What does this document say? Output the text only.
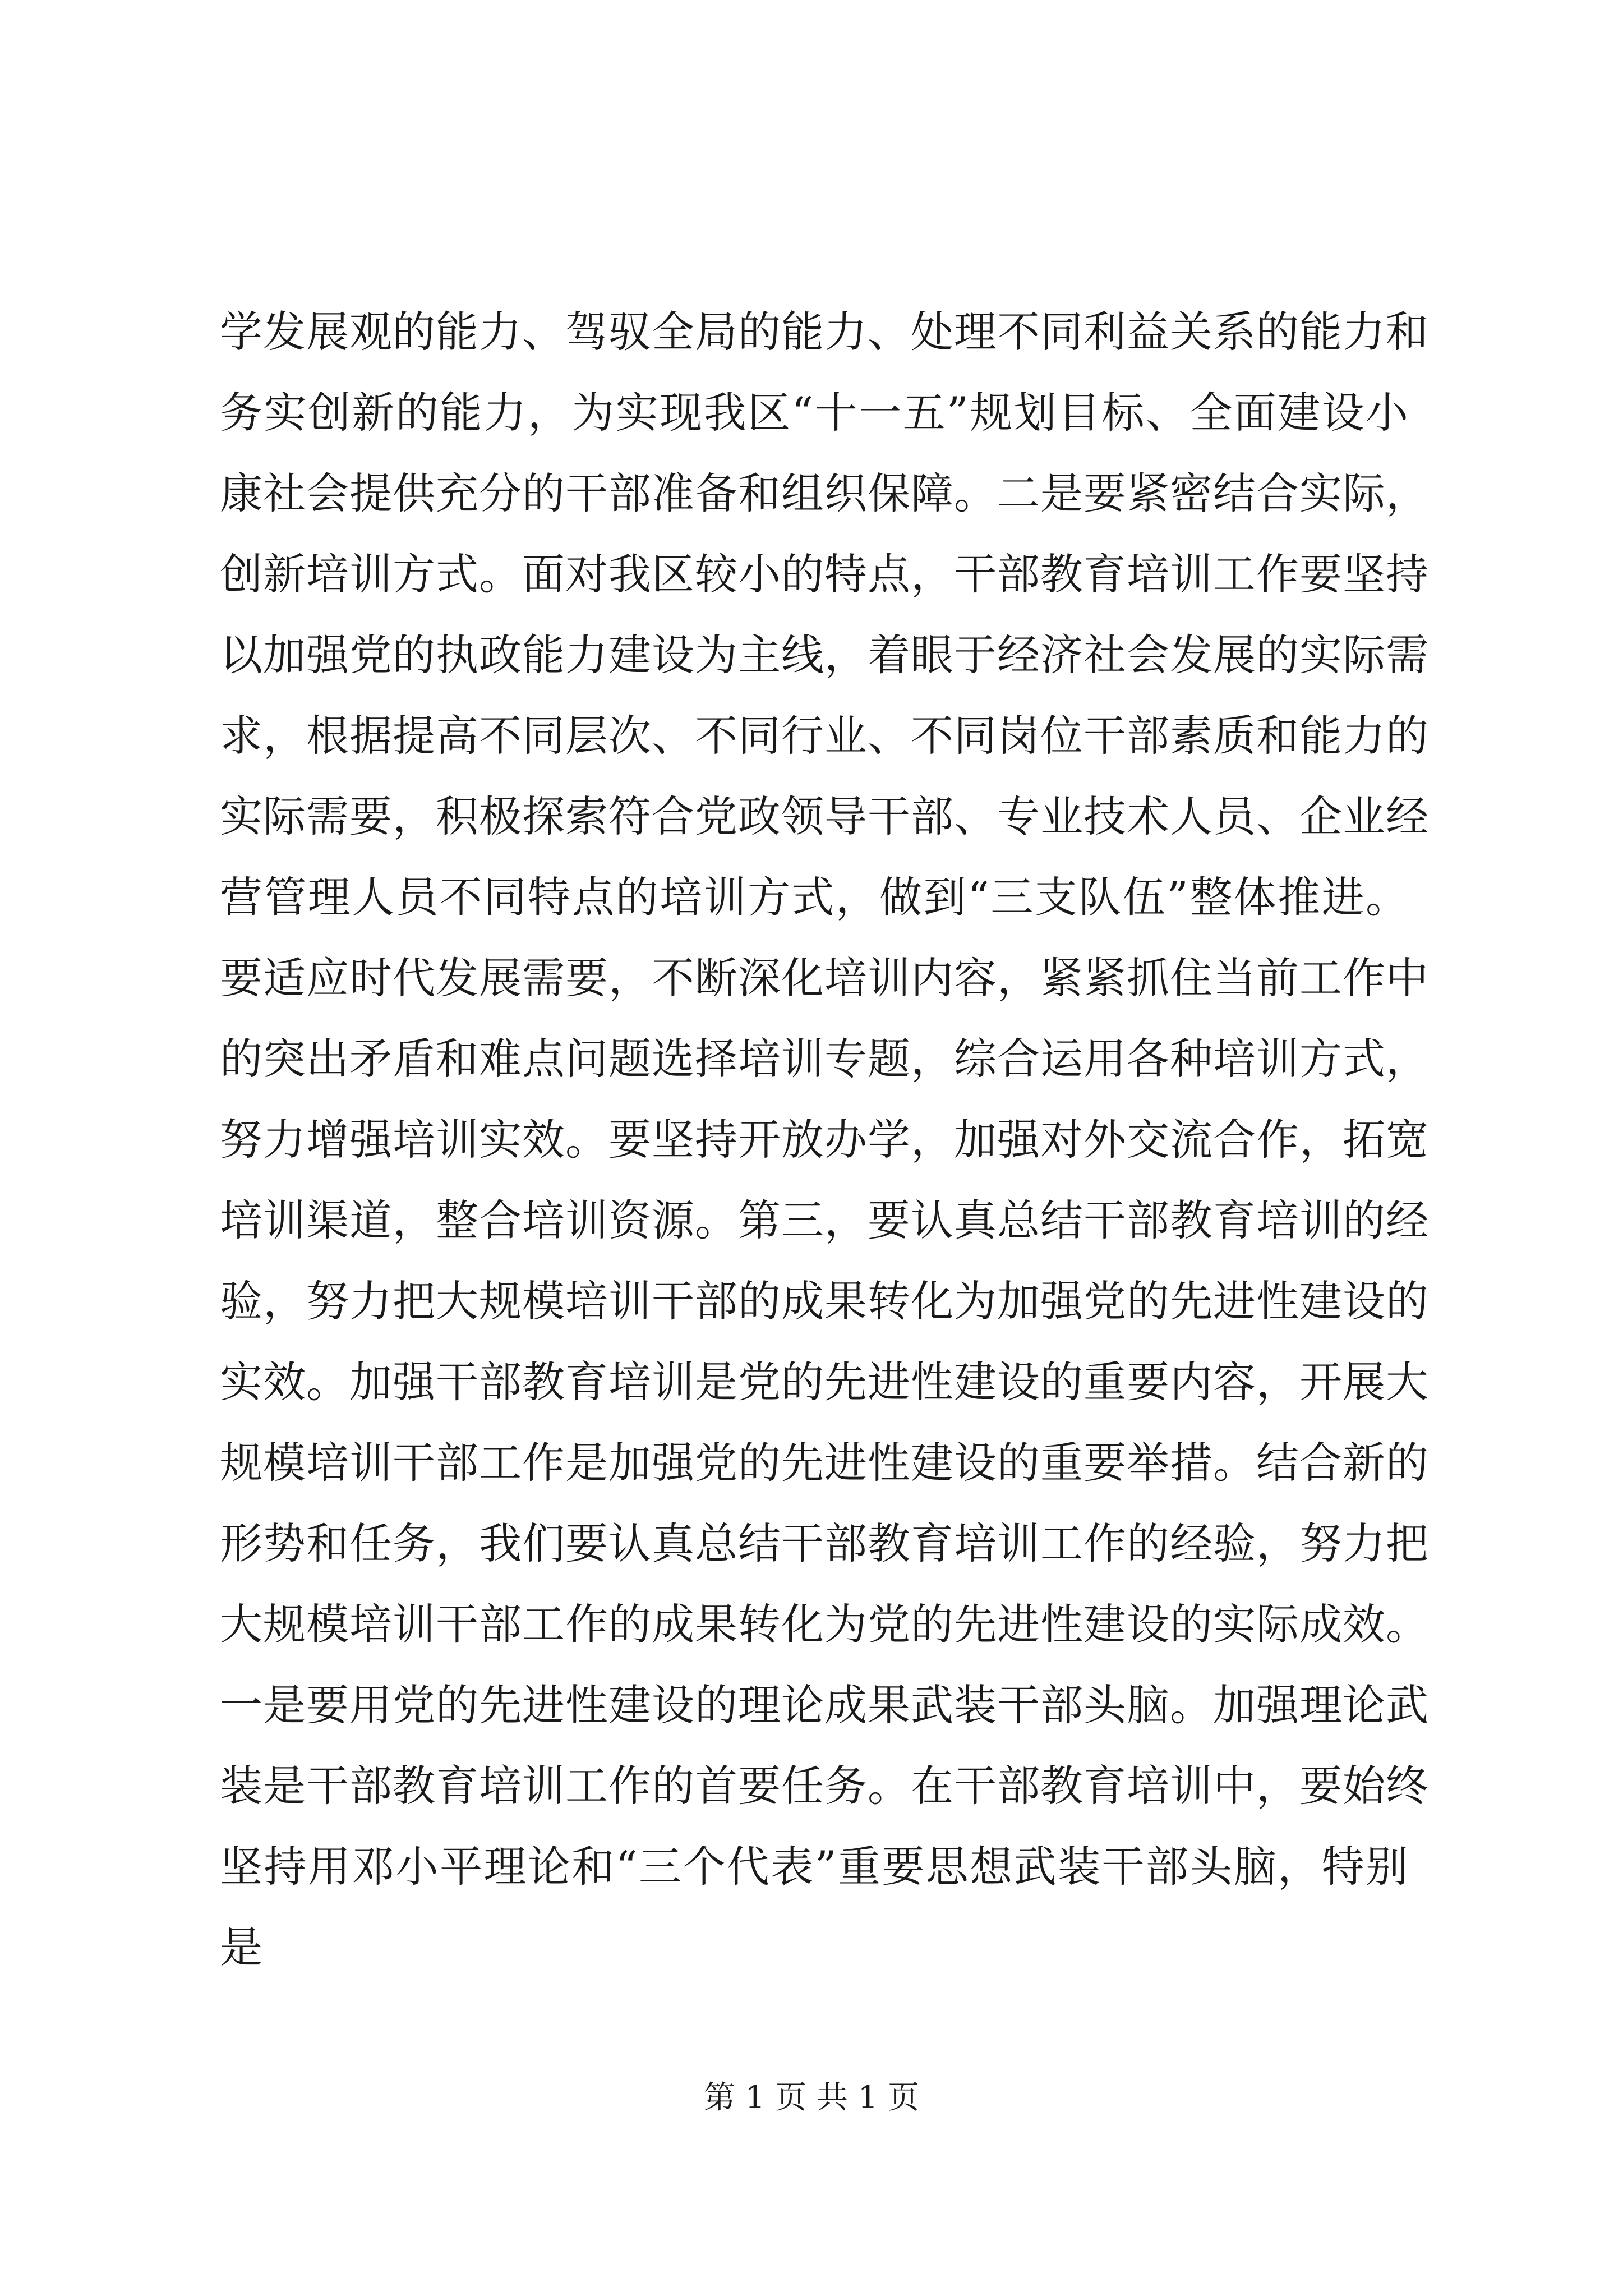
学发展观的能力、驾驭全局的能力、处理不同利益关系的能力和
务实创新的能力，为实现我区“十一五”规划目标、全面建设小
康社会提供充分的干部准备和组织保障。二是要紧密结合实际，
创新培训方式。面对我区较小的特点，干部教育培训工作要坚持
以加强党的执政能力建设为主线，着眼于经济社会发展的实际需
求，根据提高不同层次、不同行业、不同岗位干部素质和能力的
实际需要，积极探索符合党政领导干部、专业技术人员、企业经
营管理人员不同特点的培训方式，做到“三支队伍”整体推进。
要适应时代发展需要，不断深化培训内容，紧紧抓住当前工作中
的突出矛盾和难点问题选择培训专题，综合运用各种培训方式，
努力增强培训实效。要坚持开放办学，加强对外交流合作，拓宽
培训渠道，整合培训资源。第三，要认真总结干部教育培训的经
验，努力把大规模培训干部的成果转化为加强党的先进性建设的
实效。加强干部教育培训是党的先进性建设的重要内容，开展大
规模培训干部工作是加强党的先进性建设的重要举措。结合新的
形势和任务，我们要认真总结干部教育培训工作的经验，努力把
大规模培训干部工作的成果转化为党的先进性建设的实际成效。
一是要用党的先进性建设的理论成果武装干部头脑。加强理论武
装是干部教育培训工作的首要任务。在干部教育培训中，要始终
坚持用邓小平理论和“三个代表”重要思想武装干部头脑，特别
是
第 1 页 共 1 页
